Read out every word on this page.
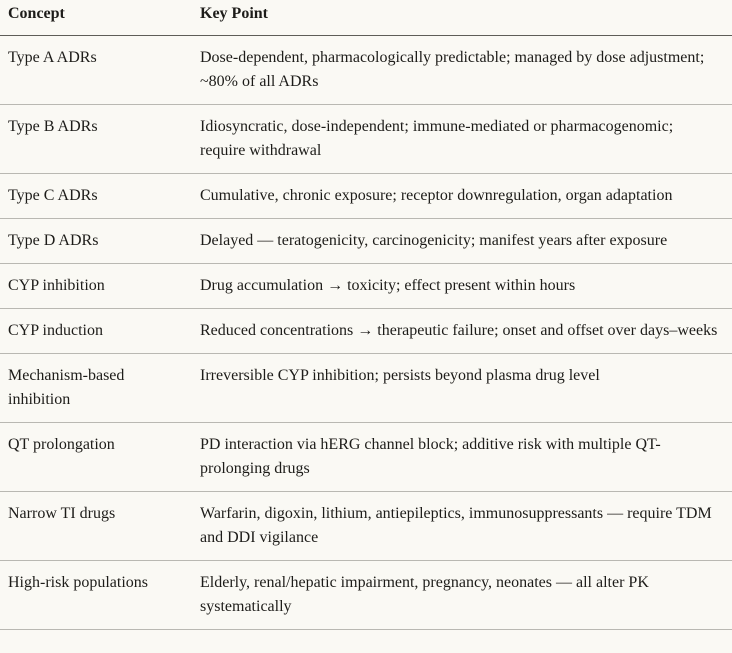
Concept	Key Point
Type A ADRs	Dose-dependent, pharmacologically predictable; managed by dose adjustment; ~80% of all ADRs
Type B ADRs	Idiosyncratic, dose-independent; immune-mediated or pharmacogenomic; require withdrawal
Type C ADRs	Cumulative, chronic exposure; receptor downregulation, organ adaptation
Type D ADRs	Delayed — teratogenicity, carcinogenicity; manifest years after exposure
CYP inhibition	Drug accumulation → toxicity; effect present within hours
CYP induction	Reduced concentrations → therapeutic failure; onset and offset over days–weeks
Mechanism-based inhibition	Irreversible CYP inhibition; persists beyond plasma drug level
QT prolongation	PD interaction via hERG channel block; additive risk with multiple QT-prolonging drugs
Narrow TI drugs	Warfarin, digoxin, lithium, antiepileptics, immunosuppressants — require TDM and DDI vigilance
High-risk populations	Elderly, renal/hepatic impairment, pregnancy, neonates — all alter PK systematically
